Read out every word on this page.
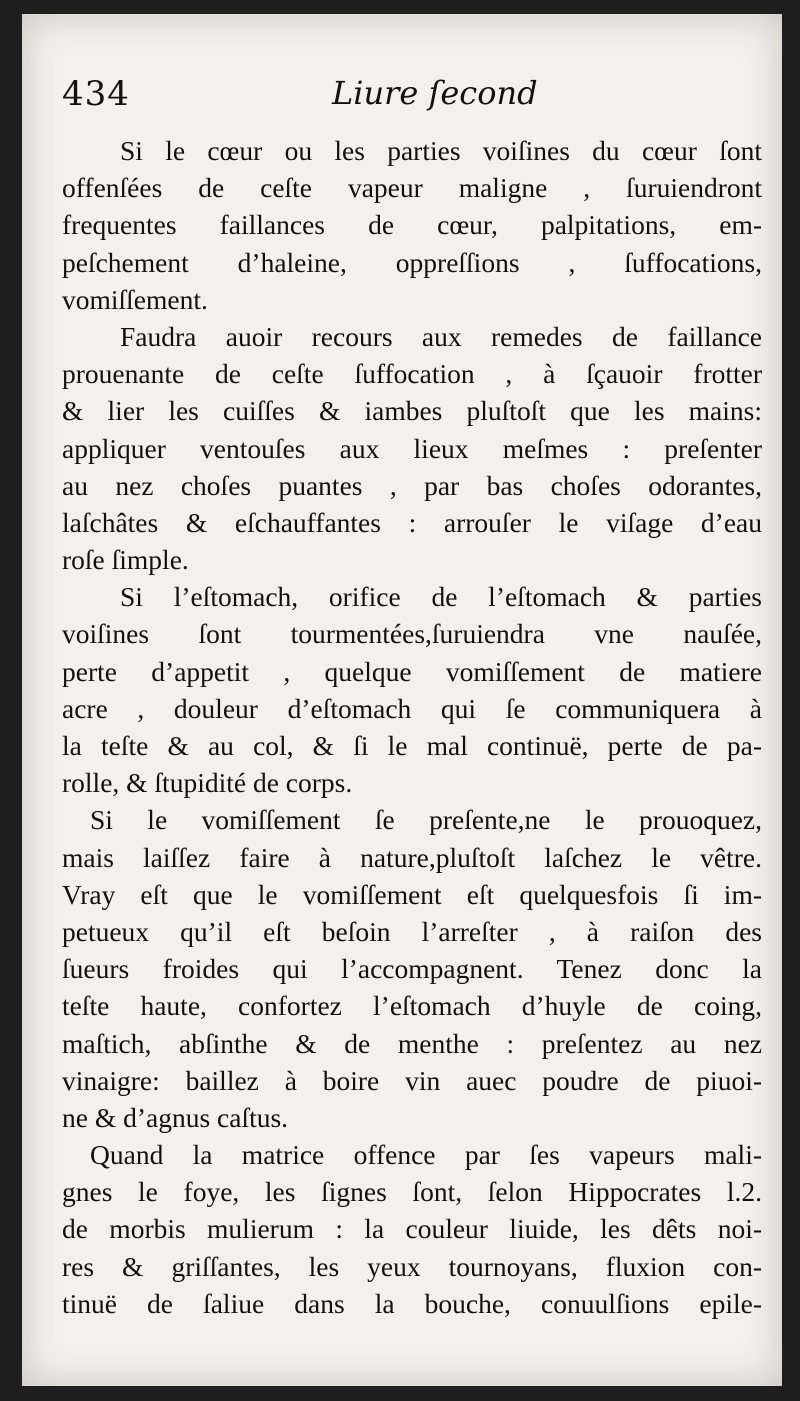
434	Liure ſecond
Si le cœur ou les parties voiſines du cœur ſont
offenſées de ceſte vapeur maligne , ſuruiendront
frequentes faillances de cœur, palpitations, em-
peſchement d’haleine, oppreſſions , ſuffocations,
vomiſſement.
Faudra auoir recours aux remedes de faillance
prouenante de ceſte ſuffocation , à ſçauoir frotter
& lier les cuiſſes & iambes pluſtoſt que les mains:
appliquer ventouſes aux lieux meſmes : preſenter
au nez choſes puantes , par bas choſes odorantes,
laſchâtes & eſchauffantes : arrouſer le viſage d’eau
roſe ſimple.
Si l’eſtomach, orifice de l’eſtomach & parties
voiſines ſont tourmentées,ſuruiendra vne nauſée,
perte d’appetit , quelque vomiſſement de matiere
acre , douleur d’eſtomach qui ſe communiquera à
la teſte & au col, & ſi le mal continuë, perte de pa-
rolle, & ſtupidité de corps.
Si le vomiſſement ſe preſente,ne le prouoquez,
mais laiſſez faire à nature,pluſtoſt laſchez le vêtre.
Vray eſt que le vomiſſement eſt quelquesfois ſi im-
petueux qu’il eſt beſoin l’arreſter , à raiſon des
ſueurs froides qui l’accompagnent. Tenez donc la
teſte haute, confortez l’eſtomach d’huyle de coing,
maſtich, abſinthe & de menthe : preſentez au nez
vinaigre: baillez à boire vin auec poudre de piuoi-
ne & d’agnus caſtus.
Quand la matrice offence par ſes vapeurs mali-
gnes le foye, les ſignes ſont, ſelon Hippocrates l.2.
de morbis mulierum : la couleur liuide, les dêts noi-
res & griſſantes, les yeux tournoyans, fluxion con-
tinuë de ſaliue dans la bouche, conuulſions epile-
